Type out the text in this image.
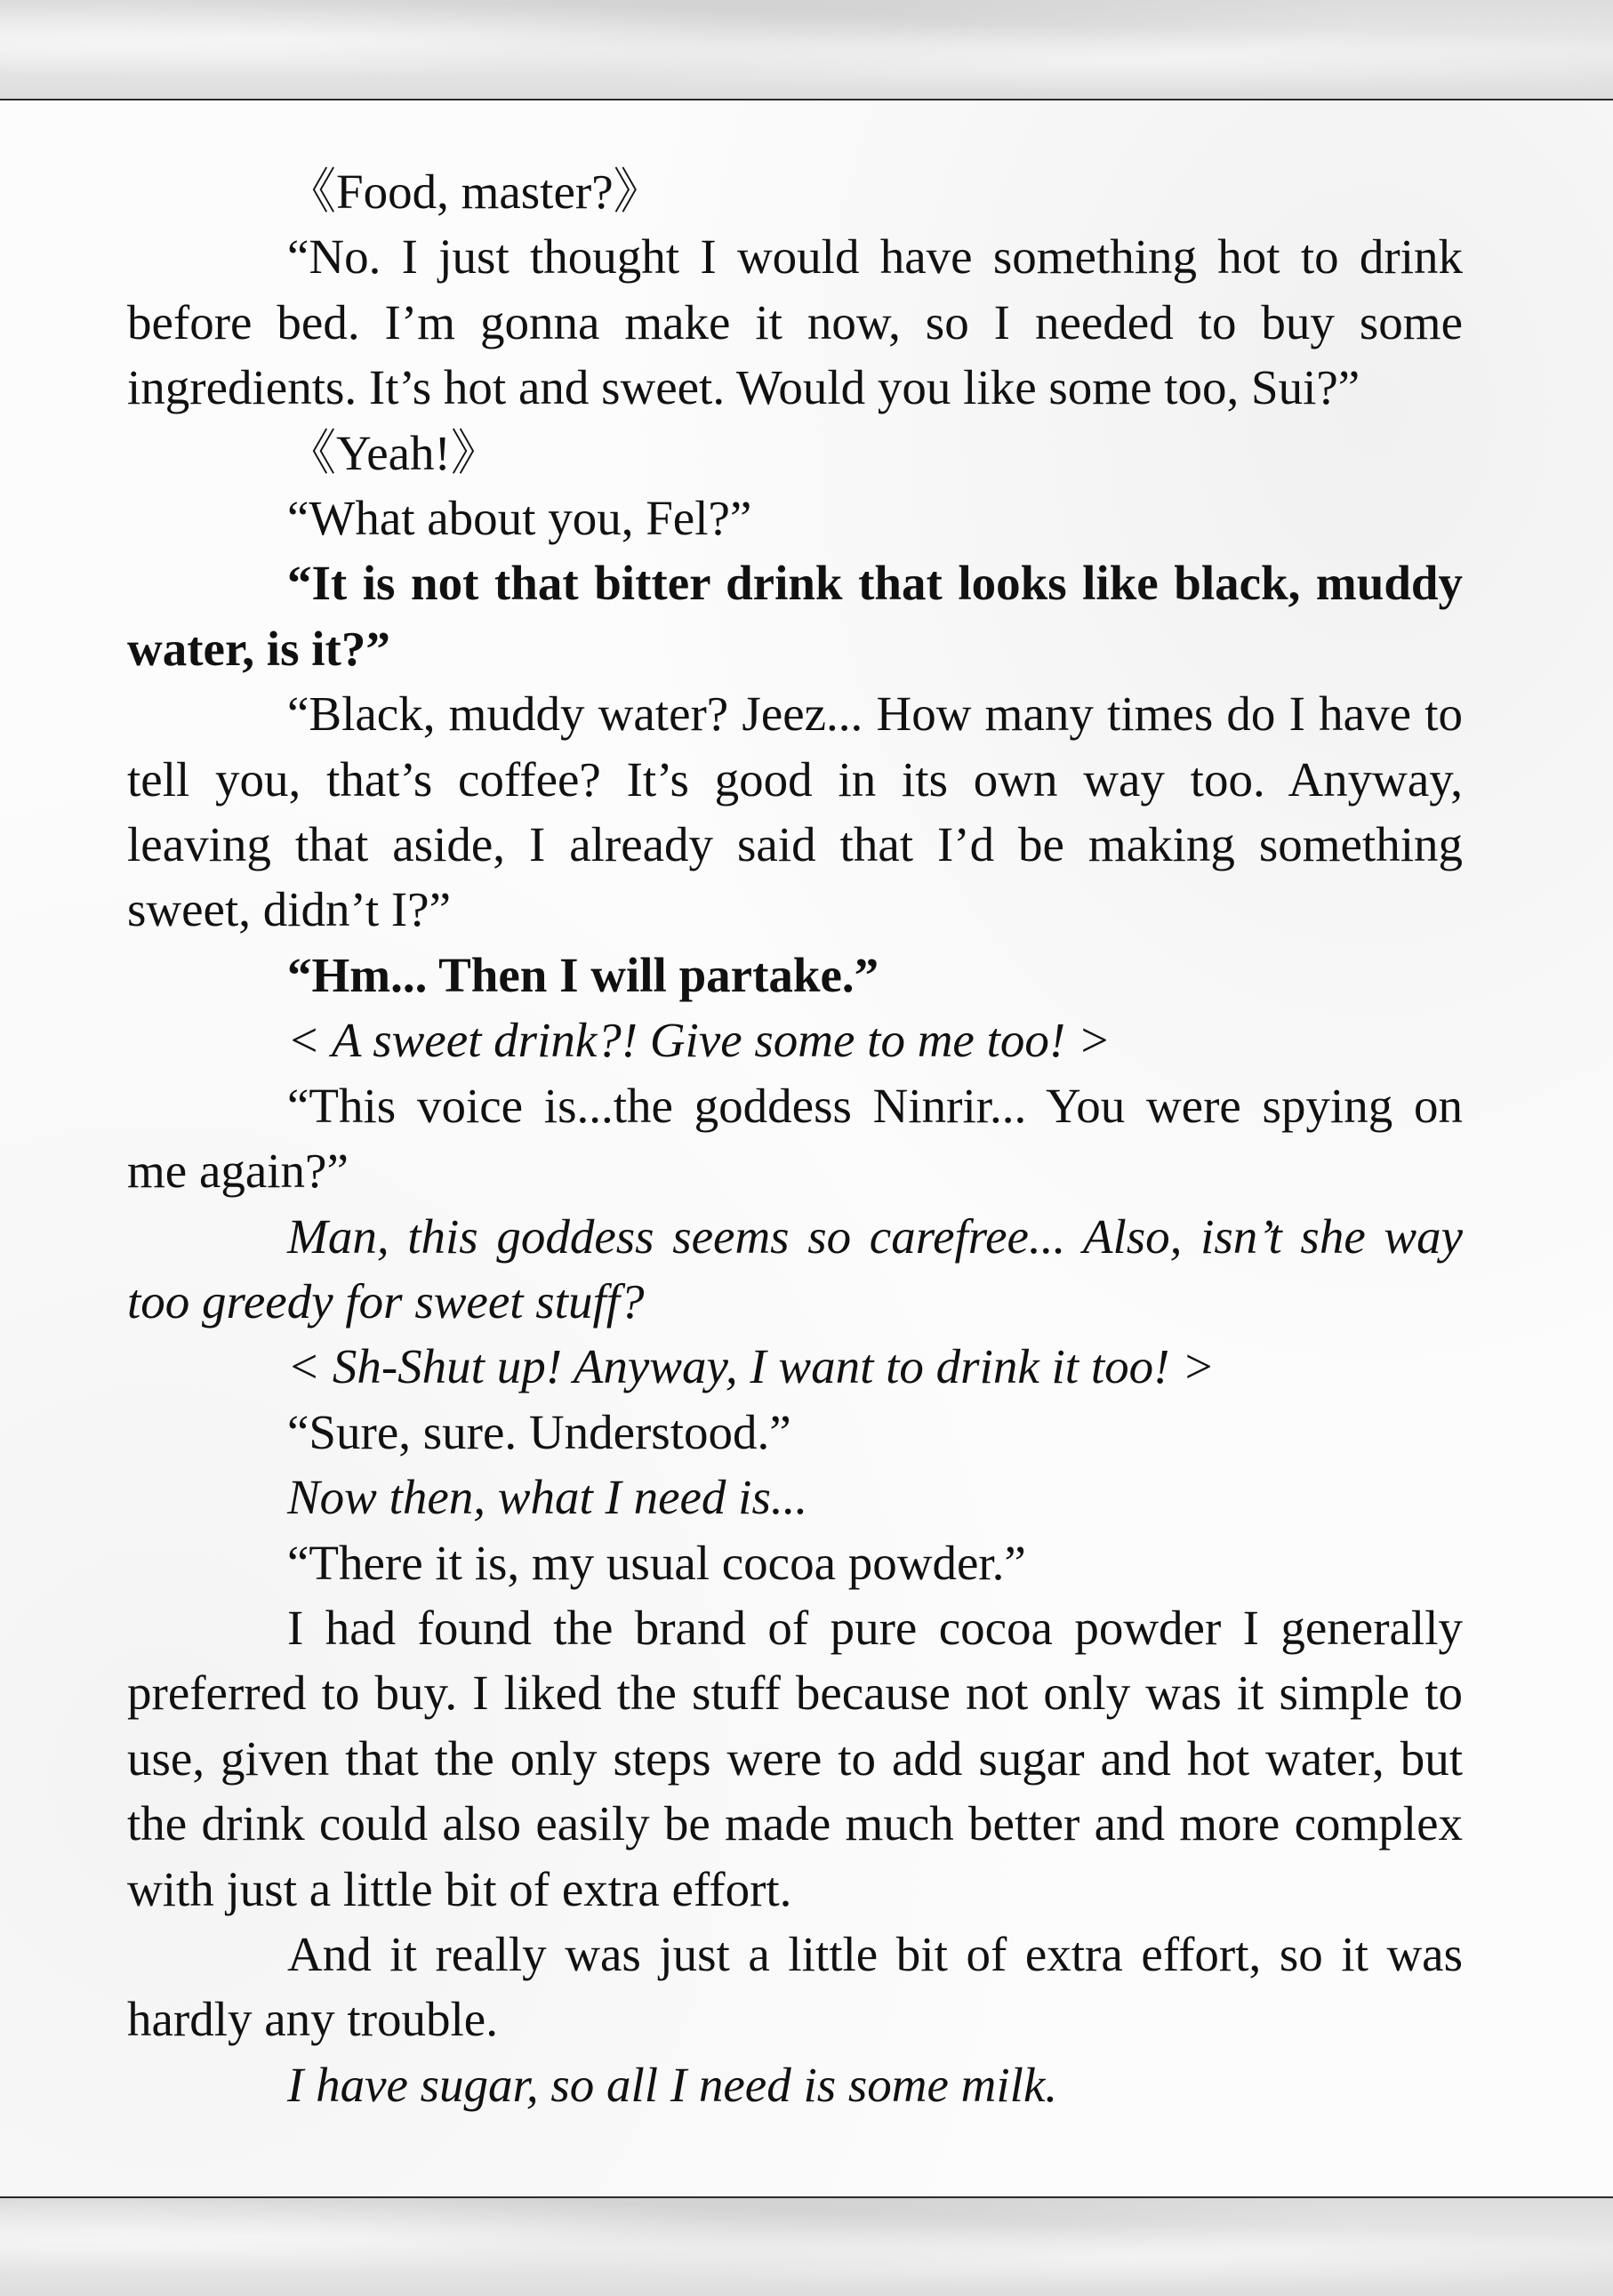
《Food, master?》

“No. I just thought I would have something hot to drink before bed. I’m gonna make it now, so I needed to buy some ingredients. It’s hot and sweet. Would you like some too, Sui?”

《Yeah!》

“What about you, Fel?”

“It is not that bitter drink that looks like black, muddy water, is it?”

“Black, muddy water? Jeez... How many times do I have to tell you, that’s coffee? It’s good in its own way too. Anyway, leaving that aside, I already said that I’d be making something sweet, didn’t I?”

“Hm... Then I will partake.”

< A sweet drink?! Give some to me too! >

“This voice is...the goddess Ninrir... You were spying on me again?”

Man, this goddess seems so carefree... Also, isn’t she way too greedy for sweet stuff?

< Sh-Shut up! Anyway, I want to drink it too! >

“Sure, sure. Understood.”

Now then, what I need is...

“There it is, my usual cocoa powder.”

I had found the brand of pure cocoa powder I generally preferred to buy. I liked the stuff because not only was it simple to use, given that the only steps were to add sugar and hot water, but the drink could also easily be made much better and more complex with just a little bit of extra effort.

And it really was just a little bit of extra effort, so it was hardly any trouble.

I have sugar, so all I need is some milk.
